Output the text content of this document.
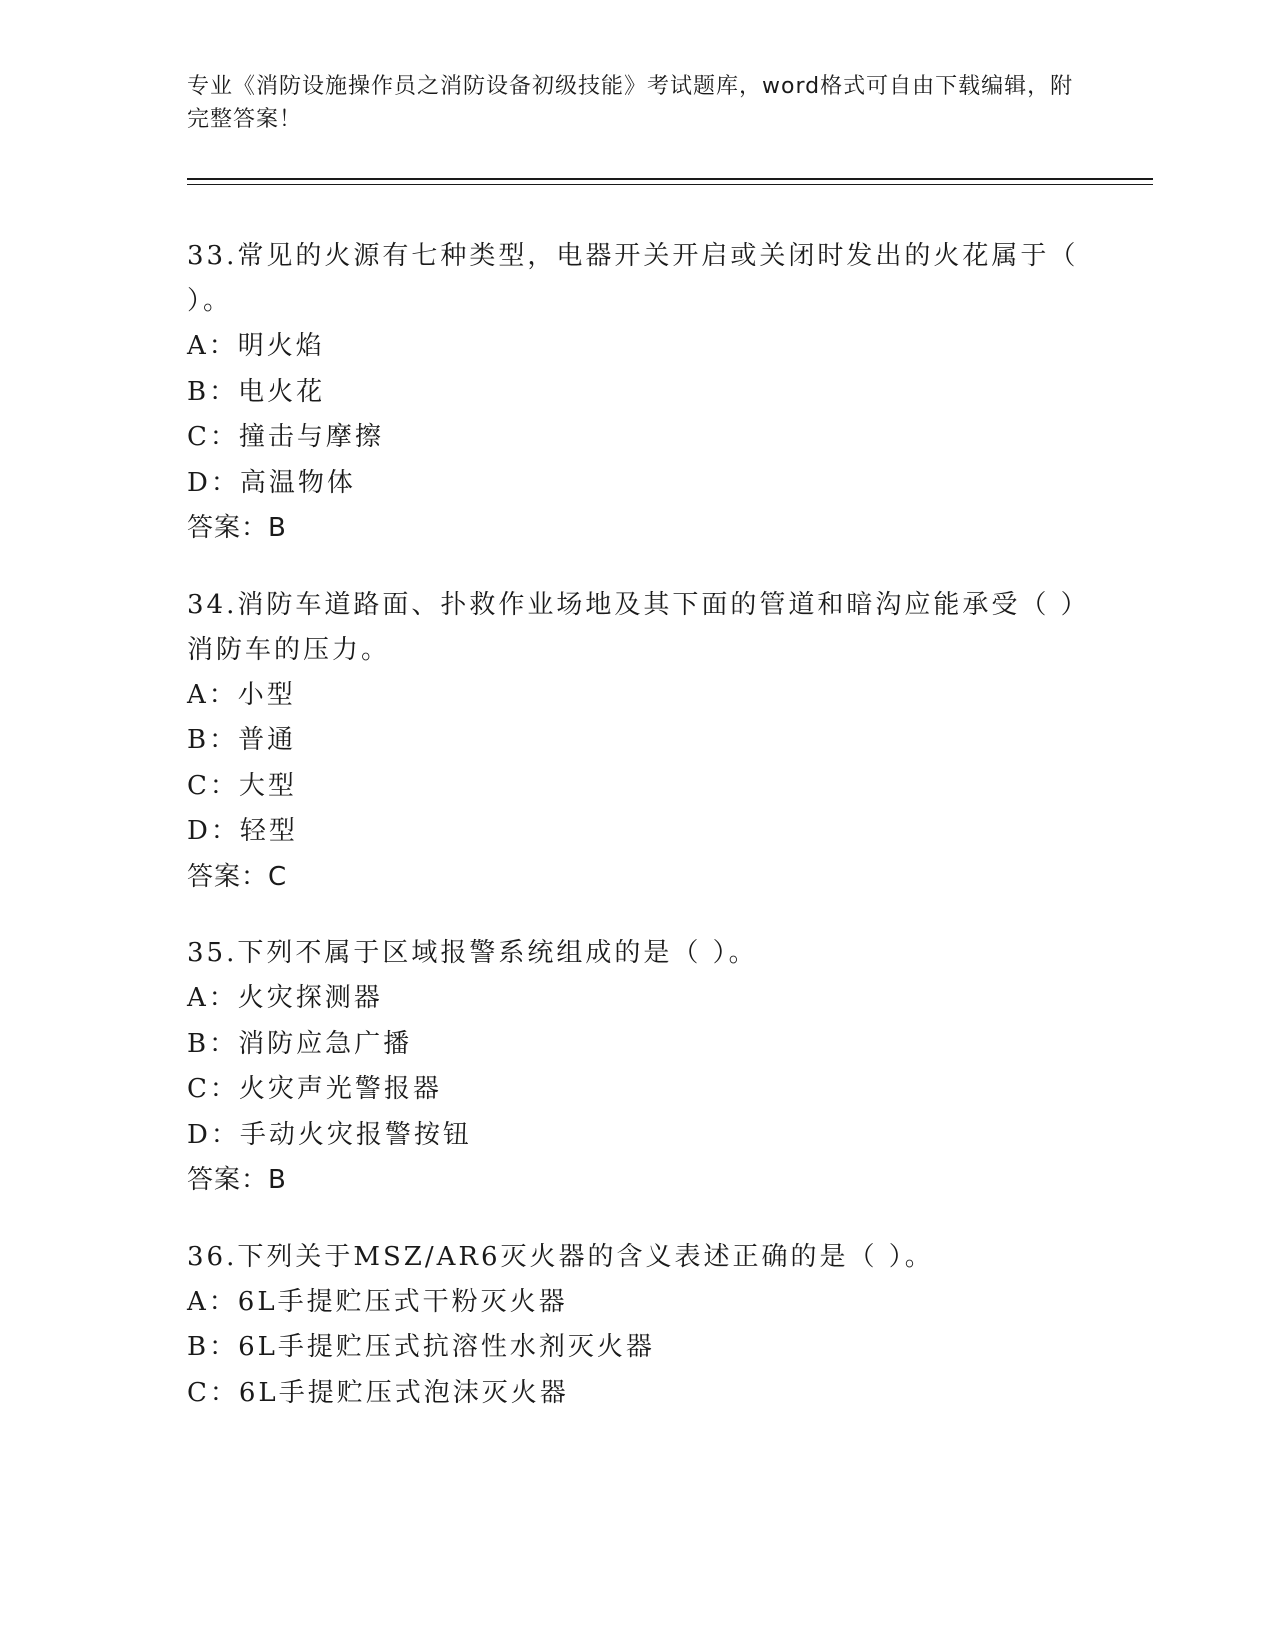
专业《消防设施操作员之消防设备初级技能》考试题库，word格式可自由下载编辑，附完整答案！
33.常见的火源有七种类型，电器开关开启或关闭时发出的火花属于（ ）。
A：明火焰
B：电火花
C：撞击与摩擦
D：高温物体
答案：B
34.消防车道路面、扑救作业场地及其下面的管道和暗沟应能承受（ ）消防车的压力。
A：小型
B：普通
C：大型
D：轻型
答案：C
35.下列不属于区域报警系统组成的是（ ）。
A：火灾探测器
B：消防应急广播
C：火灾声光警报器
D：手动火灾报警按钮
答案：B
36.下列关于MSZ/AR6灭火器的含义表述正确的是（ ）。
A：6L手提贮压式干粉灭火器
B：6L手提贮压式抗溶性水剂灭火器
C：6L手提贮压式泡沫灭火器
